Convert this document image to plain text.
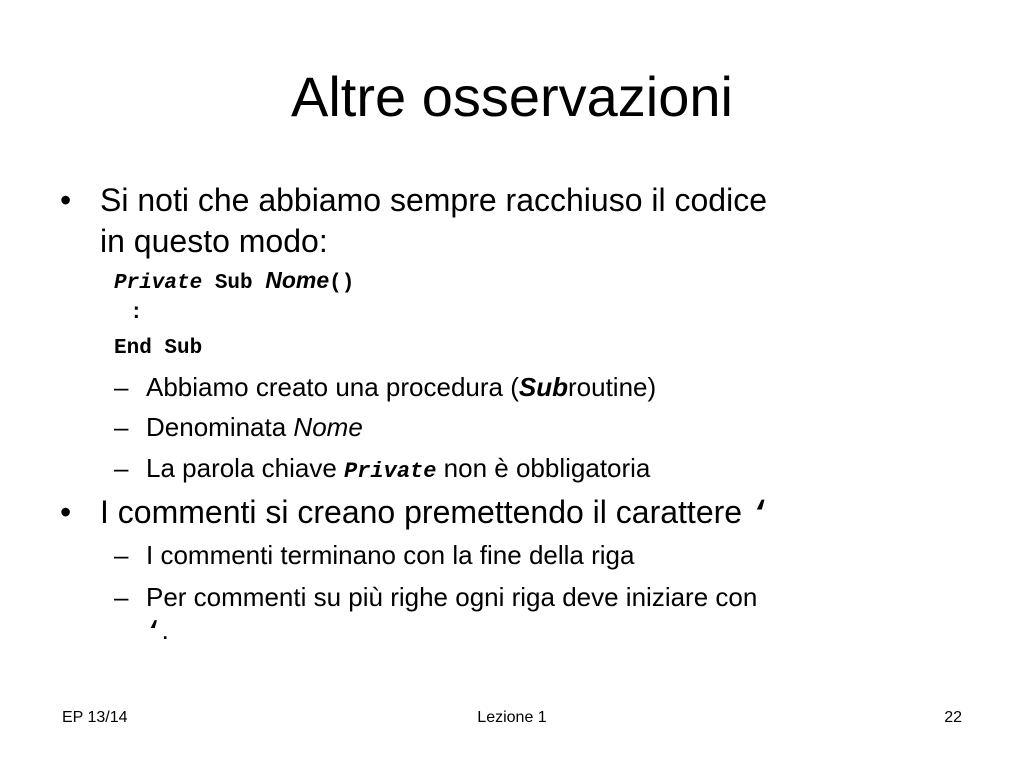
Altre osservazioni
• Si noti che abbiamo sempre racchiuso il codice
in questo modo:
Private Sub Nome()
:
End Sub
– Abbiamo creato una procedura (Subroutine)
– Denominata Nome
– La parola chiave Private non è obbligatoria
• I commenti si creano premettendo il carattere ‘
– I commenti terminano con la fine della riga
– Per commenti su più righe ogni riga deve iniziare con
‘.
EP 13/14	Lezione 1	22
